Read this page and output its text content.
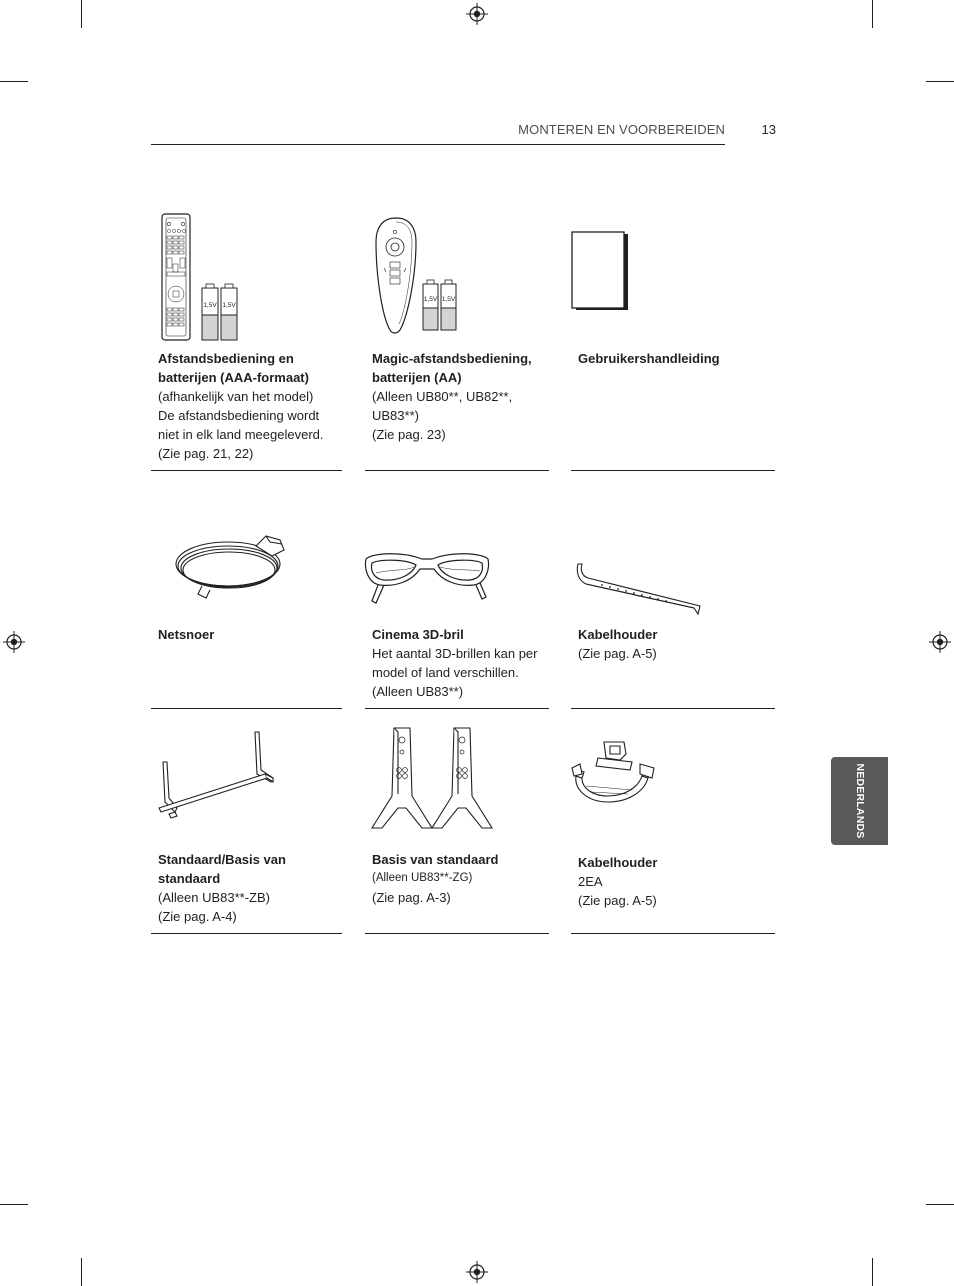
MONTEREN EN VOORBEREIDEN	13
NEDERLANDS
1,5V 1,5V
Afstandsbediening en
batterijen (AAA-formaat)
(afhankelijk van het model)
De afstandsbediening wordt
niet in elk land meegeleverd.
(Zie pag. 21, 22)
1,5V 1,5V
Magic-afstandsbediening,
batterijen (AA)
(Alleen UB80**, UB82**,
UB83**)
(Zie pag. 23)
Gebruikershandleiding
Netsnoer	Cinema 3D-bril
Het aantal 3D-brillen kan per
model of land verschillen.
(Alleen UB83**)
Kabelhouder
(Zie pag. A-5)
Standaard/Basis van
standaard
(Alleen UB83**-ZB)
(Zie pag. A-4)
Basis van standaard
(Alleen UB83**-ZG)
(Zie pag. A-3)
Kabelhouder
2EA
(Zie pag. A-5)
